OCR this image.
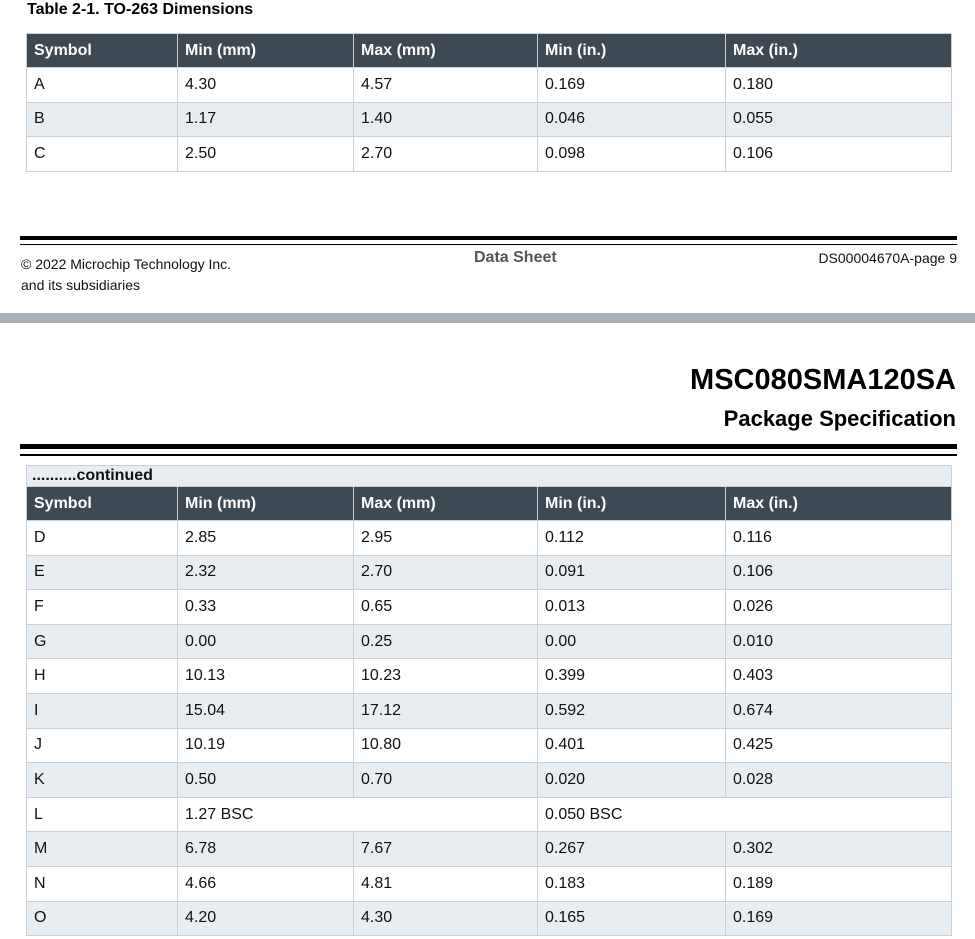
Table 2-1. TO-263 Dimensions
Symbol	Min (mm)	Max (mm)	Min (in.)	Max (in.)
A	4.30	4.57	0.169	0.180
B	1.17	1.40	0.046	0.055
C	2.50	2.70	0.098	0.106
© 2022 Microchip Technology Inc.
and its subsidiaries
Data Sheet	DS00004670A-page 9
MSC080SMA120SA
Package Specification
..........continued				
Symbol	Min (mm)	Max (mm)	Min (in.)	Max (in.)
D	2.85	2.95	0.112	0.116
E	2.32	2.70	0.091	0.106
F	0.33	0.65	0.013	0.026
G	0.00	0.25	0.00	0.010
H	10.13	10.23	0.399	0.403
I	15.04	17.12	0.592	0.674
J	10.19	10.80	0.401	0.425
K	0.50	0.70	0.020	0.028
L	1.27 BSC		0.050 BSC	
M	6.78	7.67	0.267	0.302
N	4.66	4.81	0.183	0.189
O	4.20	4.30	0.165	0.169
